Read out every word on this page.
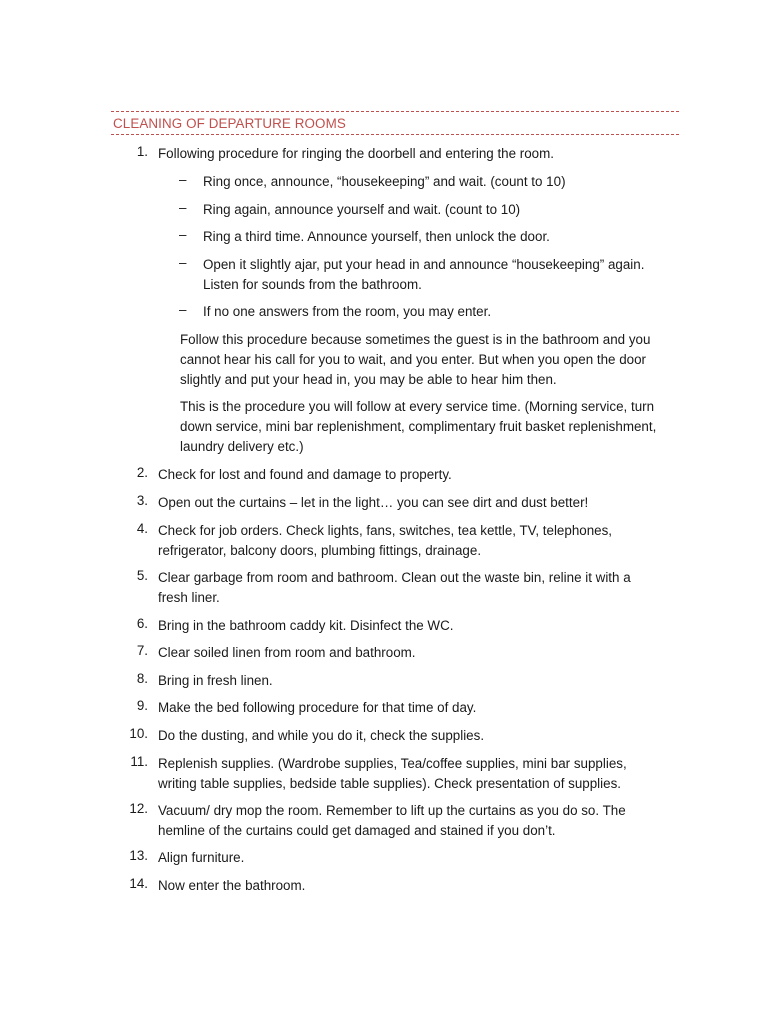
CLEANING OF DEPARTURE ROOMS
1. Following procedure for ringing the doorbell and entering the room.
– Ring once, announce, “housekeeping” and wait. (count to 10)
– Ring again, announce yourself and wait. (count to 10)
– Ring a third time. Announce yourself, then unlock the door.
– Open it slightly ajar, put your head in and announce “housekeeping” again. Listen for sounds from the bathroom.
– If no one answers from the room, you may enter.
Follow this procedure because sometimes the guest is in the bathroom and you cannot hear his call for you to wait, and you enter. But when you open the door slightly and put your head in, you may be able to hear him then.
This is the procedure you will follow at every service time. (Morning service, turn down service, mini bar replenishment, complimentary fruit basket replenishment, laundry delivery etc.)
2. Check for lost and found and damage to property.
3. Open out the curtains – let in the light… you can see dirt and dust better!
4. Check for job orders. Check lights, fans, switches, tea kettle, TV, telephones, refrigerator, balcony doors, plumbing fittings, drainage.
5. Clear garbage from room and bathroom. Clean out the waste bin, reline it with a fresh liner.
6. Bring in the bathroom caddy kit. Disinfect the WC.
7. Clear soiled linen from room and bathroom.
8. Bring in fresh linen.
9. Make the bed following procedure for that time of day.
10. Do the dusting, and while you do it, check the supplies.
11. Replenish supplies. (Wardrobe supplies, Tea/coffee supplies, mini bar supplies, writing table supplies, bedside table supplies). Check presentation of supplies.
12. Vacuum/ dry mop the room. Remember to lift up the curtains as you do so. The hemline of the curtains could get damaged and stained if you don’t.
13. Align furniture.
14. Now enter the bathroom.
